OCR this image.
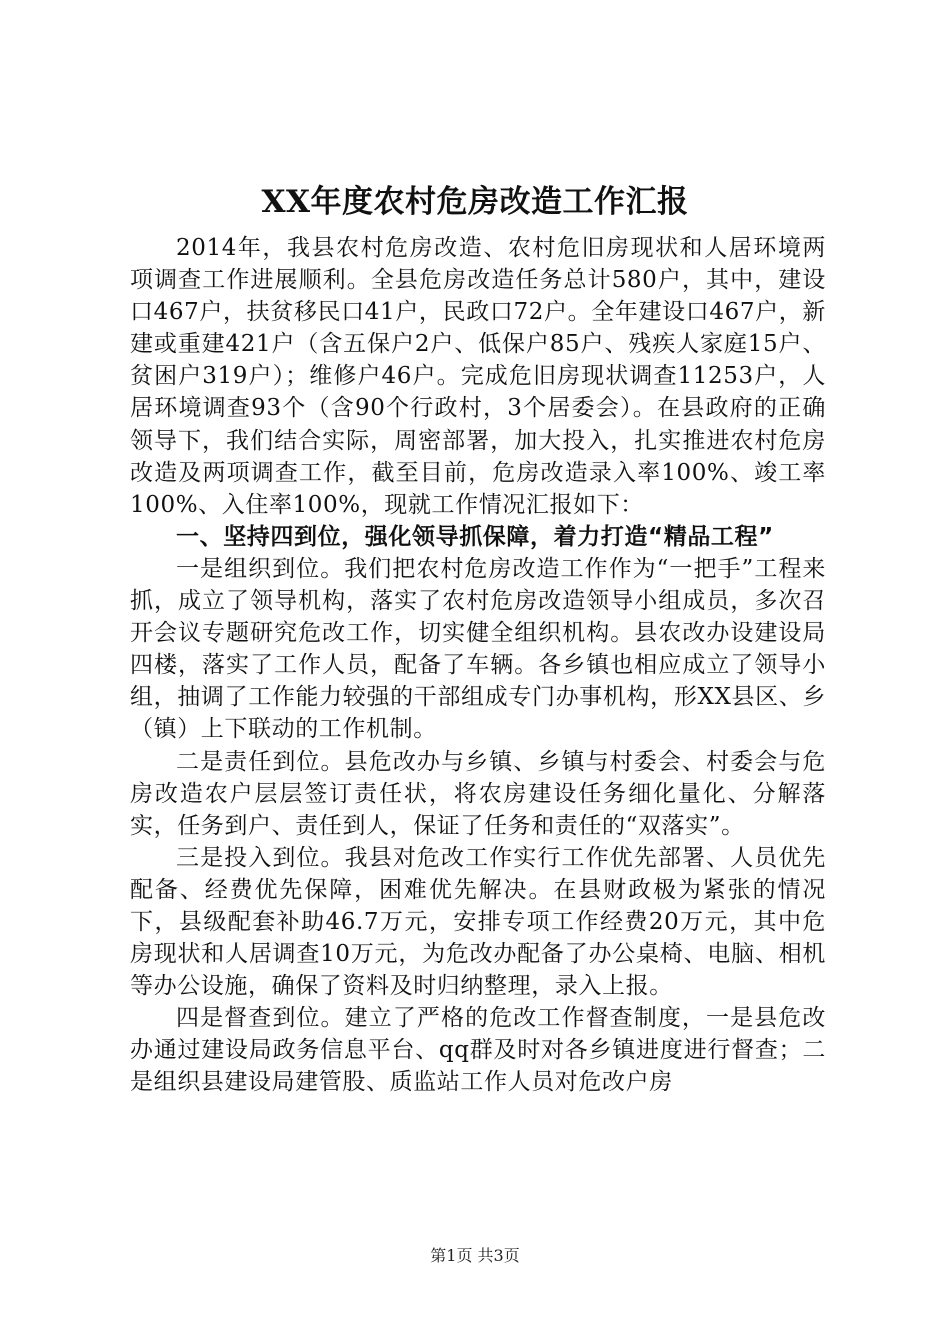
XX年度农村危房改造工作汇报

2014年，我县农村危房改造、农村危旧房现状和人居环境两项调查工作进展顺利。全县危房改造任务总计580户，其中，建设口467户，扶贫移民口41户，民政口72户。全年建设口467户，新建或重建421户（含五保户2户、低保户85户、残疾人家庭15户、贫困户319户）；维修户46户。完成危旧房现状调查11253户，人居环境调查93个（含90个行政村，3个居委会）。在县政府的正确领导下，我们结合实际，周密部署，加大投入，扎实推进农村危房改造及两项调查工作，截至目前，危房改造录入率100%、竣工率100%、入住率100%，现就工作情况汇报如下：

一、坚持四到位，强化领导抓保障，着力打造“精品工程”

一是组织到位。我们把农村危房改造工作作为“一把手”工程来抓，成立了领导机构，落实了农村危房改造领导小组成员，多次召开会议专题研究危改工作，切实健全组织机构。县农改办设建设局四楼，落实了工作人员，配备了车辆。各乡镇也相应成立了领导小组，抽调了工作能力较强的干部组成专门办事机构，形XX县区、乡（镇）上下联动的工作机制。

二是责任到位。县危改办与乡镇、乡镇与村委会、村委会与危房改造农户层层签订责任状，将农房建设任务细化量化、分解落实，任务到户、责任到人，保证了任务和责任的“双落实”。

三是投入到位。我县对危改工作实行工作优先部署、人员优先配备、经费优先保障，困难优先解决。在县财政极为紧张的情况下，县级配套补助46.7万元，安排专项工作经费20万元，其中危房现状和人居调查10万元，为危改办配备了办公桌椅、电脑、相机等办公设施，确保了资料及时归纳整理，录入上报。

四是督查到位。建立了严格的危改工作督查制度，一是县危改办通过建设局政务信息平台、qq群及时对各乡镇进度进行督查；二是组织县建设局建管股、质监站工作人员对危改户房

第1页 共3页
